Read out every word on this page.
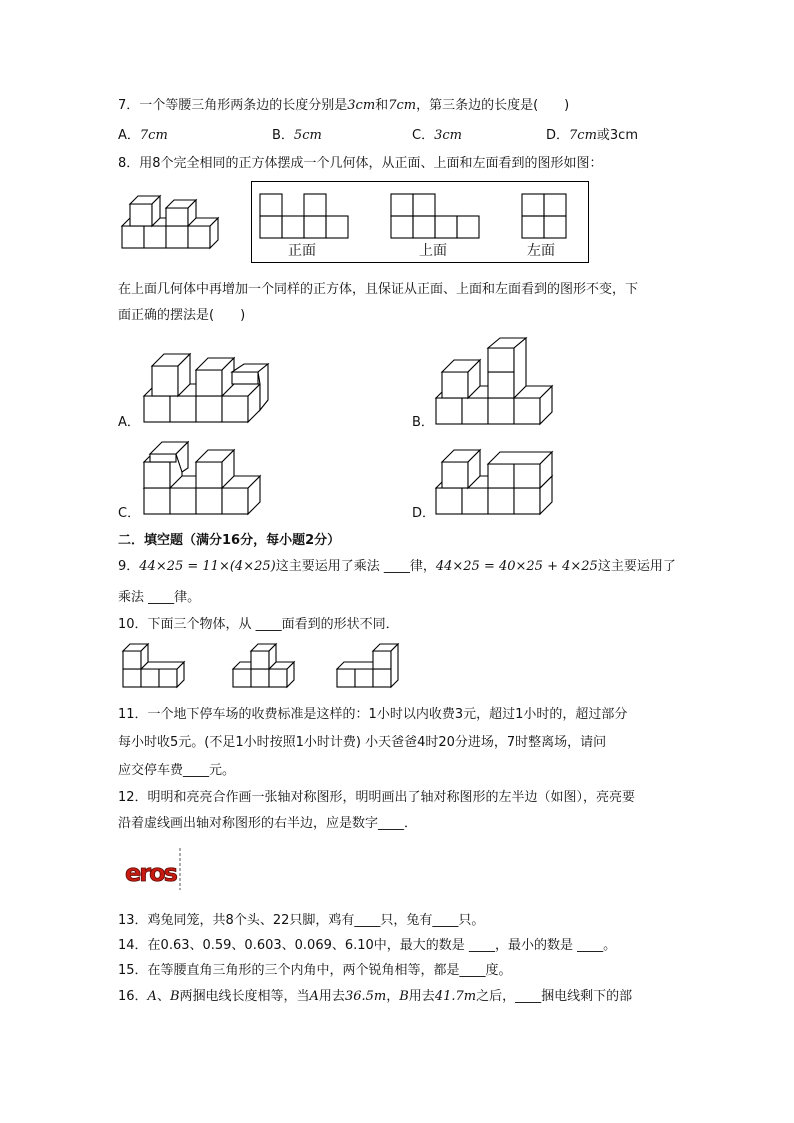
7．一个等腰三角形两条边的长度分别是3cm和7cm，第三条边的长度是(　　)
A．7cm	B．5cm	C．3cm	D．7cm或3cm
8．用8个完全相同的正方体摆成一个几何体，从正面、上面和左面看到的图形如图：
正面	上面	左面
在上面几何体中再增加一个同样的正方体，且保证从正面、上面和左面看到的图形不变，下
面正确的摆法是(　　)
A．	B．
C．	D．
二．填空题（满分16分，每小题2分）
9．44×25 = 11×(4×25)这主要运用了乘法 ____律，44×25 = 40×25 + 4×25这主要运用了
乘法 ____律。
10．下面三个物体，从 ____面看到的形状不同．
11．一个地下停车场的收费标准是这样的：1小时以内收费3元，超过1小时的，超过部分
每小时收5元。(不足1小时按照1小时计费) 小天爸爸4时20分进场，7时整离场，请问
应交停车费____元。
12．明明和亮亮合作画一张轴对称图形，明明画出了轴对称图形的左半边（如图），亮亮要
沿着虚线画出轴对称图形的右半边，应是数字____．
eros
13．鸡兔同笼，共8个头、22只脚，鸡有____只，兔有____只。
14．在0.63、0.59、0.603、0.069、6.10中，最大的数是 ____，最小的数是 ____。
15．在等腰直角三角形的三个内角中，两个锐角相等，都是____度。
16．A、B两捆电线长度相等，当A用去36.5m，B用去41.7m之后，____捆电线剩下的部
